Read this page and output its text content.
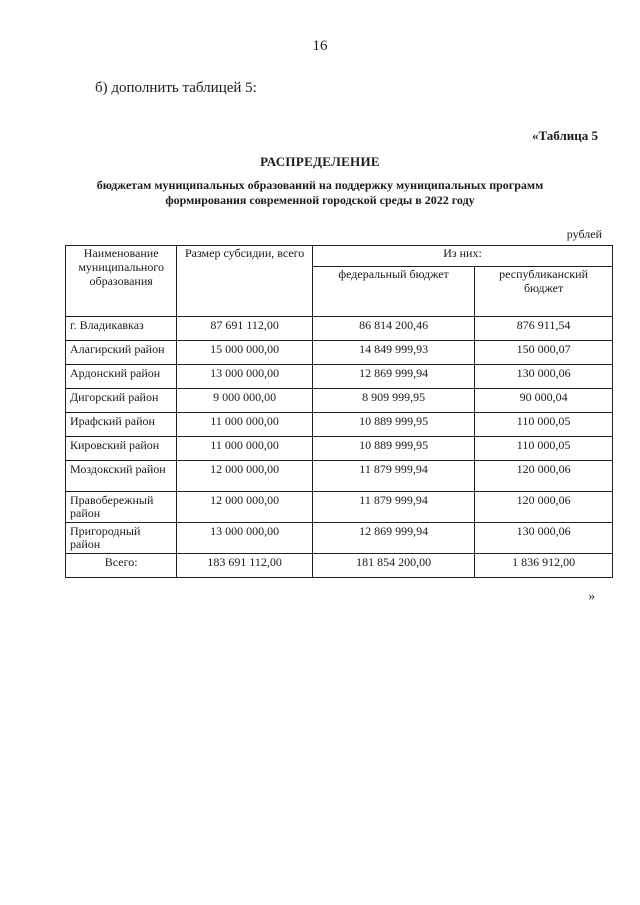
16
б) дополнить таблицей 5:
«Таблица 5
РАСПРЕДЕЛЕНИЕ
бюджетам муниципальных образований на поддержку муниципальных программ
формирования современной городской среды в 2022 году
рублей
Наименование муниципального образования	Размер субсидии, всего	Из них:	
		федеральный бюджет	республиканский бюджет
г. Владикавказ	87 691 112,00	86 814 200,46	876 911,54
Алагирский район	15 000 000,00	14 849 999,93	150 000,07
Ардонский район	13 000 000,00	12 869 999,94	130 000,06
Дигорский район	9 000 000,00	8 909 999,95	90 000,04
Ирафский район	11 000 000,00	10 889 999,95	110 000,05
Кировский район	11 000 000,00	10 889 999,95	110 000,05
Моздокский район	12 000 000,00	11 879 999,94	120 000,06
Правобережный район	12 000 000,00	11 879 999,94	120 000,06
Пригородный район	13 000 000,00	12 869 999,94	130 000,06
Всего:	183 691 112,00	181 854 200,00	1 836 912,00
»
